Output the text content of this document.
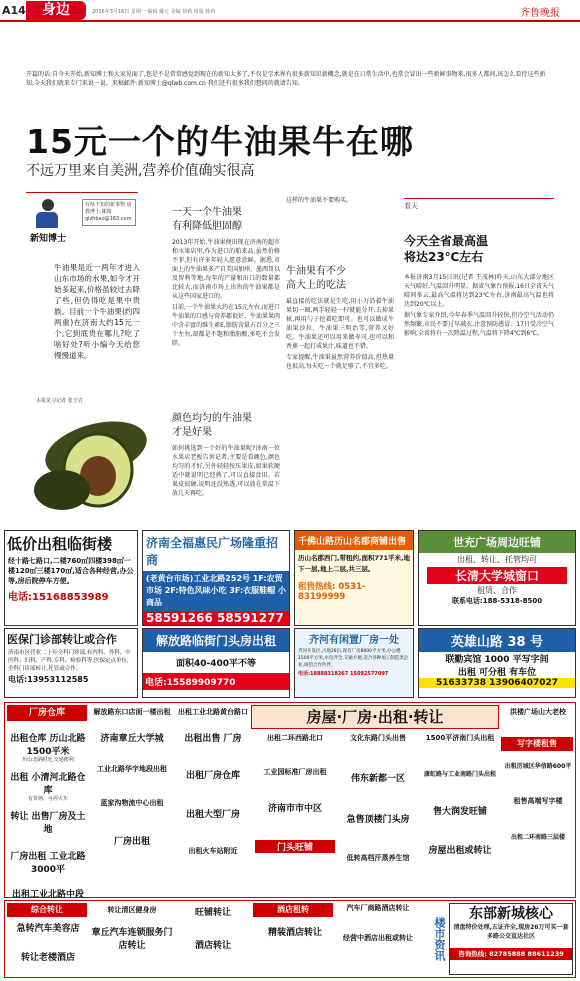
A14	身边	2016年3月16日 星期一 编辑 戴元 美编 徐莉 组版 韩冉	齐鲁晚报
开篇的话:自今天开始,新知博士和大家见面了,您是不是常常感觉到现在的新知太多了,不仅是学术界有很多新知识新概念,就是在日常生活中,也常会冒出一些新鲜事物来,很多人都问,该怎么看待这些新知,今天我们就来专门来说一说。来稿邮件:新知博士@qlwb.com.cn 我们还有很多我们想问的就请告知。
15元一个的牛油果牛在哪
不远万里来自美洲,营养价值确实很高
新知博士
有啥不知的新事物 请教博士,邮箱 qlzhbao@163.com
牛油果是近一两年才进入山东市场的水果,如今才开始多起来,价格虽较过去降了些,但仍得吃是果中贵族。目前一个牛油果(约四两重)在济南大约15元一个,它到底贵在哪儿?吃了啥好处?听小编今天给您慢慢道来。
本报见习记者 张玉岩
一天一个牛油果
有利降低胆固醇
2013年开始,牛油果便出现在济南的超市和水果店里,作为进口的舶来品,虽然价格不菲,但有许多年轻人愿意尝鲜。据悉,市面上的牛油果多产自美国加州、墨西哥以及智利等地,每年的产量和出口的数量都比较大,而济南市场上出售的牛油果都是从这些国家进口的。
目前,一个牛油果大约在15元左右,而进口牛油果的口感与营养都很好。牛油果果肉中含丰富的维生素E,脂肪含量占百分之三十左右,却都是不饱和脂肪酸,多吃不会发胖。
颜色均匀的牛油果
才是好果
如何挑选到一个好的牛油果呢?济南一位水果店老板告诉记者,主要是看颜色,颜色均匀的才好,另外轻轻按压果皮,如果软硬适中就说明已经熟了,可以直接食用。若果皮很硬,说明还没熟透,可以放在常温下放几天再吃。
这样的牛油果不要购买。
牛油果有不少
高大上的吃法
最直接的吃法就是生吃,用小刀沿着牛油果切一圈,两手轻轻一拧就能分开,去掉果核,再用勺子挖着吃即可。也可以做成牛油果沙拉、牛油果三明治等,营养又好吃。牛油果还可以用来做寿司,也可以和香蕉一起打成果汁,味道也不错。
专家提醒,牛油果虽然营养价值高,但热量也很高,每天吃一个就足够了,不宜多吃。
看天
今天全省最高温
将达23℃左右
本报济南3月15日讯(记者 王茂林)昨天,山东大部分地区天气晴好,气温回升明显。据省气象台预报,16日全省天气晴间多云,最高气温将达到23℃左右,济南最高气温也将达到20℃以上。
据气象专家介绍,今年春季气温回升较快,但冷空气活动仍然频繁,市民不要过早减衣,注意预防感冒。17日受冷空气影响,全省将有一次降温过程,气温将下降4℃到6℃。
低价出租临街楼
经十路七路口,二楼760㎡四楼398㎡一楼120㎡三楼170㎡,适合各种经营,办公等,房后院停车方便。
电话:15168853989
济南全福惠民广场隆重招商
(老黄台市场)工业北路252号 1F:农贸市场 2F:特色风味小吃 3F:衣服鞋帽 小商品
58591266 58591277
千佛山路历山名郡商铺出售
历山名郡西门,带租约,面积771平米,地下一层,地上二层,共三层。
租售热线: 0531-83199999
世充广场周边旺铺
出租、转让、托管均可
长清大学城窗口
租赁、合作
联系电话:188-5318-8500
医保门诊部转让或合作
济南市区营业二十年全科门诊部,有内科、外科、中医科、妇科、产科,专科、检验科等,医保定点单位,全科门诊部转让,托管或合作。
电话:13953112585
解放路临街门头房出租
面积40-400平不等
电话:15589909770
齐河有闲置厂房一处
齐河开发区,占地28亩,现有厂房8000平方米,办公楼1500平方米,水电齐全,交通方便,适合各种加工制造类企业,诚招合作伙伴。
电话:18888318267 15092577097
英雄山路 38 号
联勤宾馆 1000 平写字间
出租 可分租 有车位
51633738 13906407027
厂房仓库	房屋·厂房·出租·转让
写字楼租售
出租仓库 历山北路1500平米
历山北路附近,交通便利
出租 小清河北路仓库
有货场、可停大车
转让 出售厂房及土地
厂房出租 工业北路3000平
出租工业北路中段
解放路东口店面一楼出租
济南章丘大学城
工业北路华宇地段出租
蓝家沟物流中心出租
厂房出租
出租工业北路黄台路口
出租出售 厂房
出租厂房仓库
出租大型厂房
出租火车站附近
出租二环西路北口
工业园标准厂房出租
济南市市中区
门头旺铺
文化东路门头出售
伟东新都一区
急售顶楼门头房
低转高档汗蒸养生馆
1500平济南门头出租
康虹路与工业南路门头出租
售大润发旺铺
房屋出租或转让
洪楼广场山大老校
出租历城区华信路600平
租售高端写字楼
出租二环南路三层楼
综合转让
急转汽车美容店
转让老楼酒店
转让清区健身房
章丘汽车连锁服务门店转让
旺铺转让
酒店转让
酒店租转
精装酒店转让
汽车厂商路酒店转让
经营中酒店出租或转让	楼市资讯
东部新城核心
清盘特价处理,五证齐全,现房26万可买一套
多路公交直达社区
咨询热线: 82785888 88611239
